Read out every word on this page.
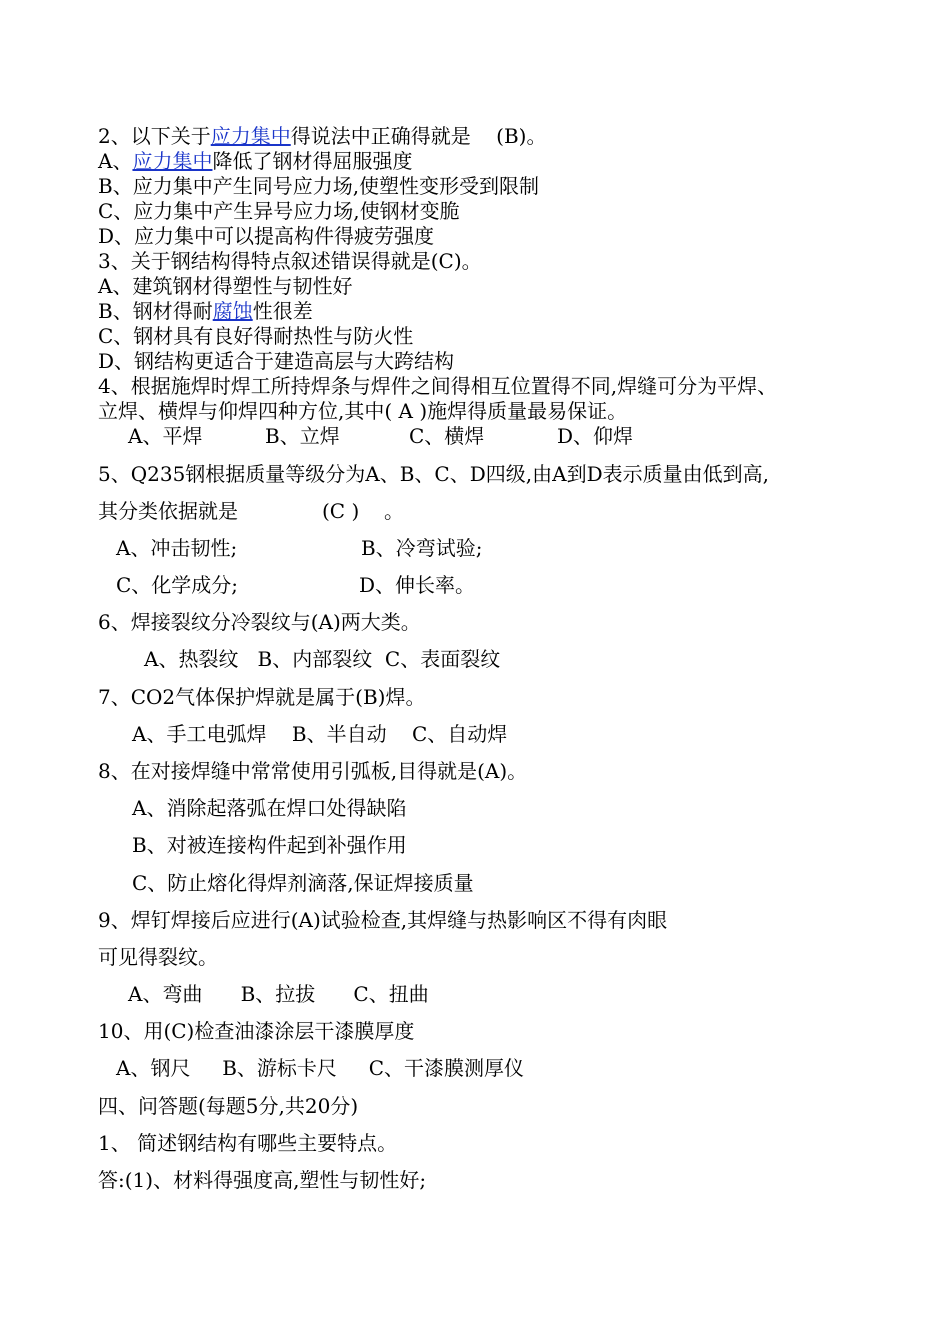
2、以下关于应力集中得说法中正确得就是    (B)。
A、应力集中降低了钢材得屈服强度
B、应力集中产生同号应力场,使塑性变形受到限制
C、应力集中产生异号应力场,使钢材变脆
D、应力集中可以提高构件得疲劳强度
3、关于钢结构得特点叙述错误得就是(C)。
A、建筑钢材得塑性与韧性好
B、钢材得耐腐蚀性很差
C、钢材具有良好得耐热性与防火性
D、钢结构更适合于建造高层与大跨结构
4、根据施焊时焊工所持焊条与焊件之间得相互位置得不同,焊缝可分为平焊、
立焊、横焊与仰焊四种方位,其中( A )施焊得质量最易保证。
A、平焊	B、立焊	C、横焊	D、仰焊
5、Q235钢根据质量等级分为A、B、C、D四级,由A到D表示质量由低到高,
其分类依据就是	(C ) 。
A、冲击韧性;	B、冷弯试验;
C、化学成分;	D、伸长率。
6、焊接裂纹分冷裂纹与(A)两大类。
A、热裂纹   B、内部裂纹  C、表面裂纹
7、CO2气体保护焊就是属于(B)焊。
A、手工电弧焊    B、半自动    C、自动焊
8、在对接焊缝中常常使用引弧板,目得就是(A)。
A、消除起落弧在焊口处得缺陷
B、对被连接构件起到补强作用
C、防止熔化得焊剂滴落,保证焊接质量
9、焊钉焊接后应进行(A)试验检查,其焊缝与热影响区不得有肉眼
可见得裂纹。
A、弯曲      B、拉拔      C、扭曲
10、用(C)检查油漆涂层干漆膜厚度
A、钢尺     B、游标卡尺     C、干漆膜测厚仪
四、问答题(每题5分,共20分)
1、 简述钢结构有哪些主要特点。
答:(1)、材料得强度高,塑性与韧性好;
